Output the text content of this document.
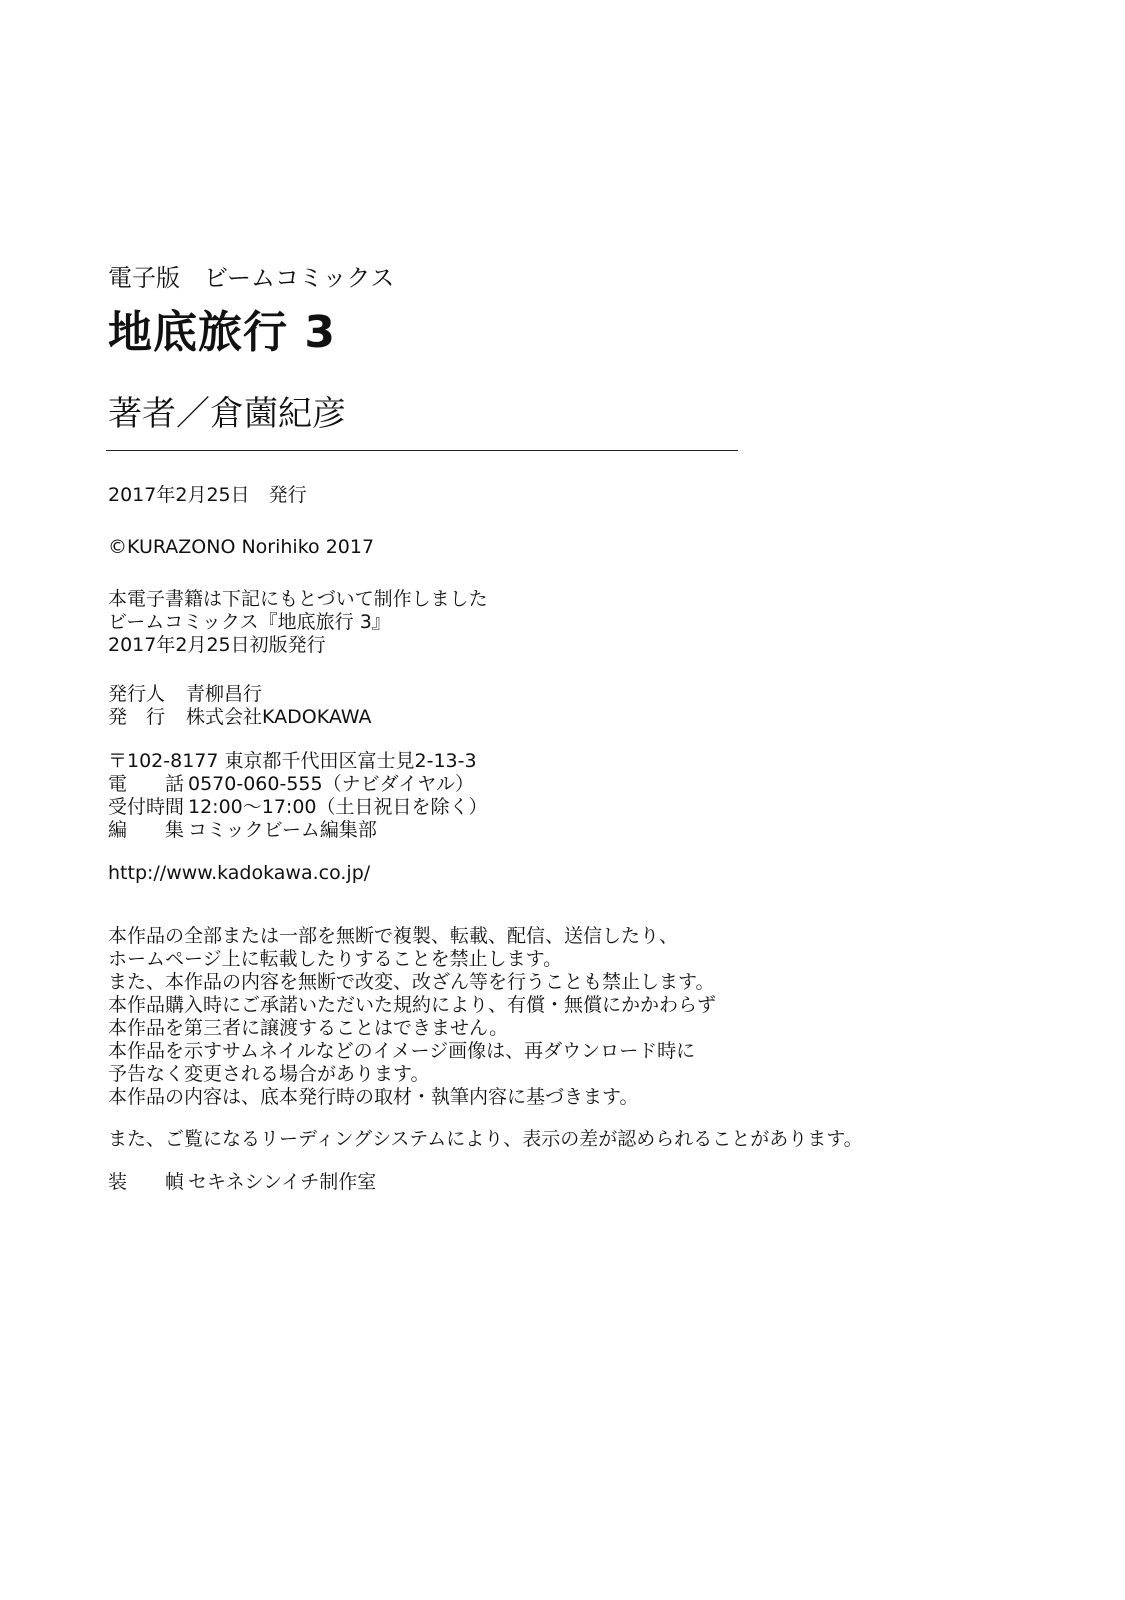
電子版　ビームコミックス
地底旅行 3
著者／倉薗紀彦
2017年2月25日　発行
©KURAZONO Norihiko 2017
本電子書籍は下記にもとづいて制作しました
ビームコミックス『地底旅行 3』
2017年2月25日初版発行
発行人	青柳昌行
発　行	株式会社KADOKAWA
〒102-8177 東京都千代田区富士見2-13-3
電　　話 0570-060-555（ナビダイヤル）
受付時間 12:00〜17:00（土日祝日を除く）
編　　集 コミックビーム編集部
http://www.kadokawa.co.jp/
本作品の全部または一部を無断で複製、転載、配信、送信したり、
ホームページ上に転載したりすることを禁止します。
また、本作品の内容を無断で改変、改ざん等を行うことも禁止します。
本作品購入時にご承諾いただいた規約により、有償・無償にかかわらず
本作品を第三者に譲渡することはできません。
本作品を示すサムネイルなどのイメージ画像は、再ダウンロード時に
予告なく変更される場合があります。
本作品の内容は、底本発行時の取材・執筆内容に基づきます。
また、ご覧になるリーディングシステムにより、表示の差が認められることがあります。
装　　幀 セキネシンイチ制作室
